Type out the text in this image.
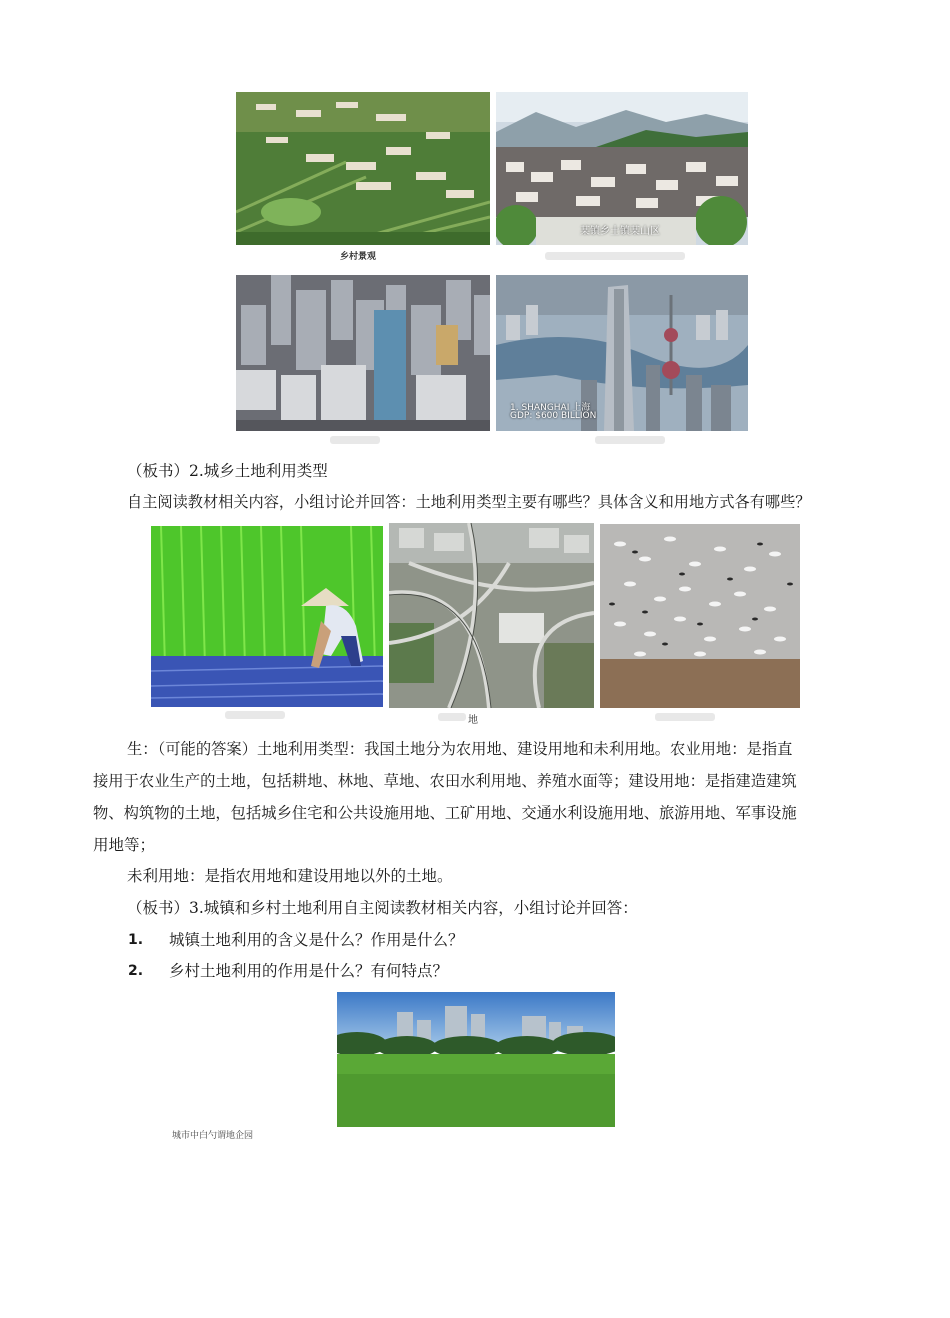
乡村景观
某镇乡土镇某山区
1. SHANGHAI 上海
GDP: $600 BILLION
（板书）2.城乡土地利用类型
自主阅读教材相关内容，小组讨论并回答：土地利用类型主要有哪些？具体含义和用地方式各有哪些？
地
生：（可能的答案）土地利用类型：我国土地分为农用地、建设用地和未利用地。农业用地：是指直
接用于农业生产的土地，包括耕地、林地、草地、农田水利用地、养殖水面等；建设用地：是指建造建筑
物、构筑物的土地，包括城乡住宅和公共设施用地、工矿用地、交通水利设施用地、旅游用地、军事设施
用地等；
未利用地：是指农用地和建设用地以外的土地。
（板书）3.城镇和乡村土地利用自主阅读教材相关内容，小组讨论并回答：
1. 城镇土地利用的含义是什么？作用是什么？
2. 乡村土地利用的作用是什么？有何特点？
城市中白勺谓地企园
